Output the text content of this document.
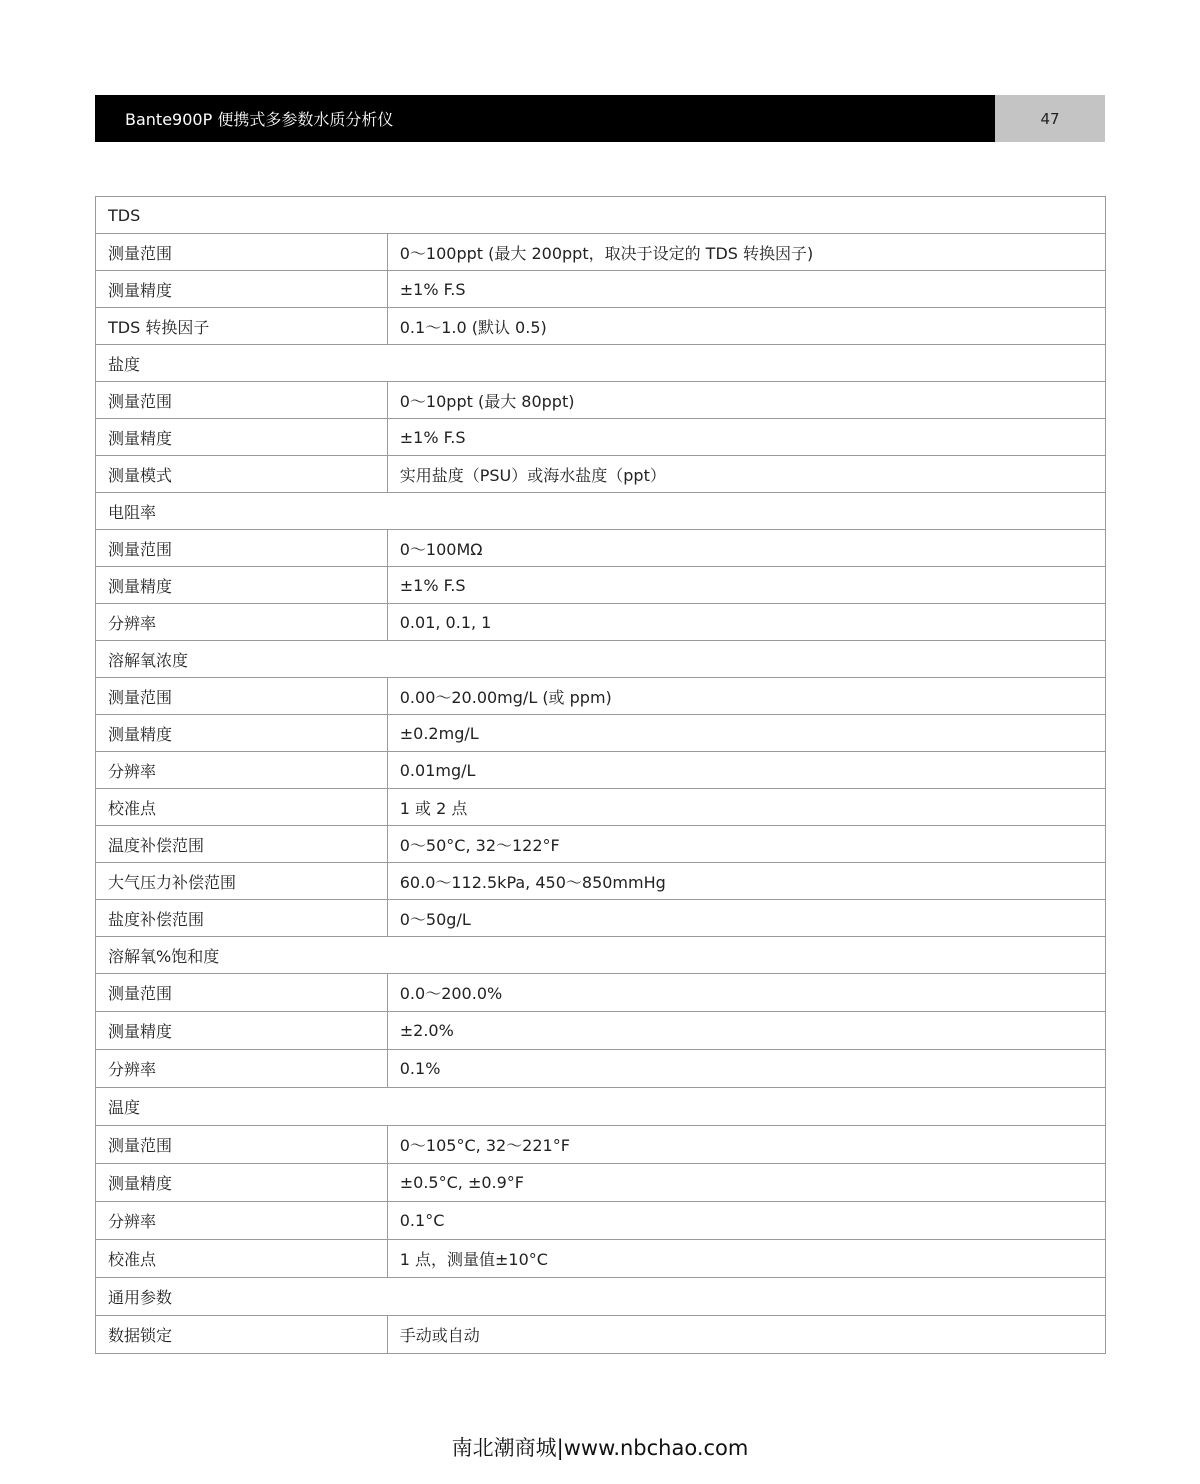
Bante900P 便携式多参数水质分析仪	47
TDS	
测量范围	0～100ppt (最大 200ppt，取决于设定的 TDS 转换因子)
测量精度	±1% F.S
TDS 转换因子	0.1～1.0 (默认 0.5)
盐度	
测量范围	0～10ppt (最大 80ppt)
测量精度	±1% F.S
测量模式	实用盐度（PSU）或海水盐度（ppt）
电阻率	
测量范围	0～100MΩ
测量精度	±1% F.S
分辨率	0.01, 0.1, 1
溶解氧浓度	
测量范围	0.00～20.00mg/L (或 ppm)
测量精度	±0.2mg/L
分辨率	0.01mg/L
校准点	1 或 2 点
温度补偿范围	0～50°C, 32～122°F
大气压力补偿范围	60.0～112.5kPa, 450～850mmHg
盐度补偿范围	0～50g/L
溶解氧%饱和度	
测量范围	0.0～200.0%
测量精度	±2.0%
分辨率	0.1%
温度	
测量范围	0～105°C, 32～221°F
测量精度	±0.5°C, ±0.9°F
分辨率	0.1°C
校准点	1 点，测量值±10°C
通用参数	
数据锁定	手动或自动
南北潮商城|www.nbchao.com
